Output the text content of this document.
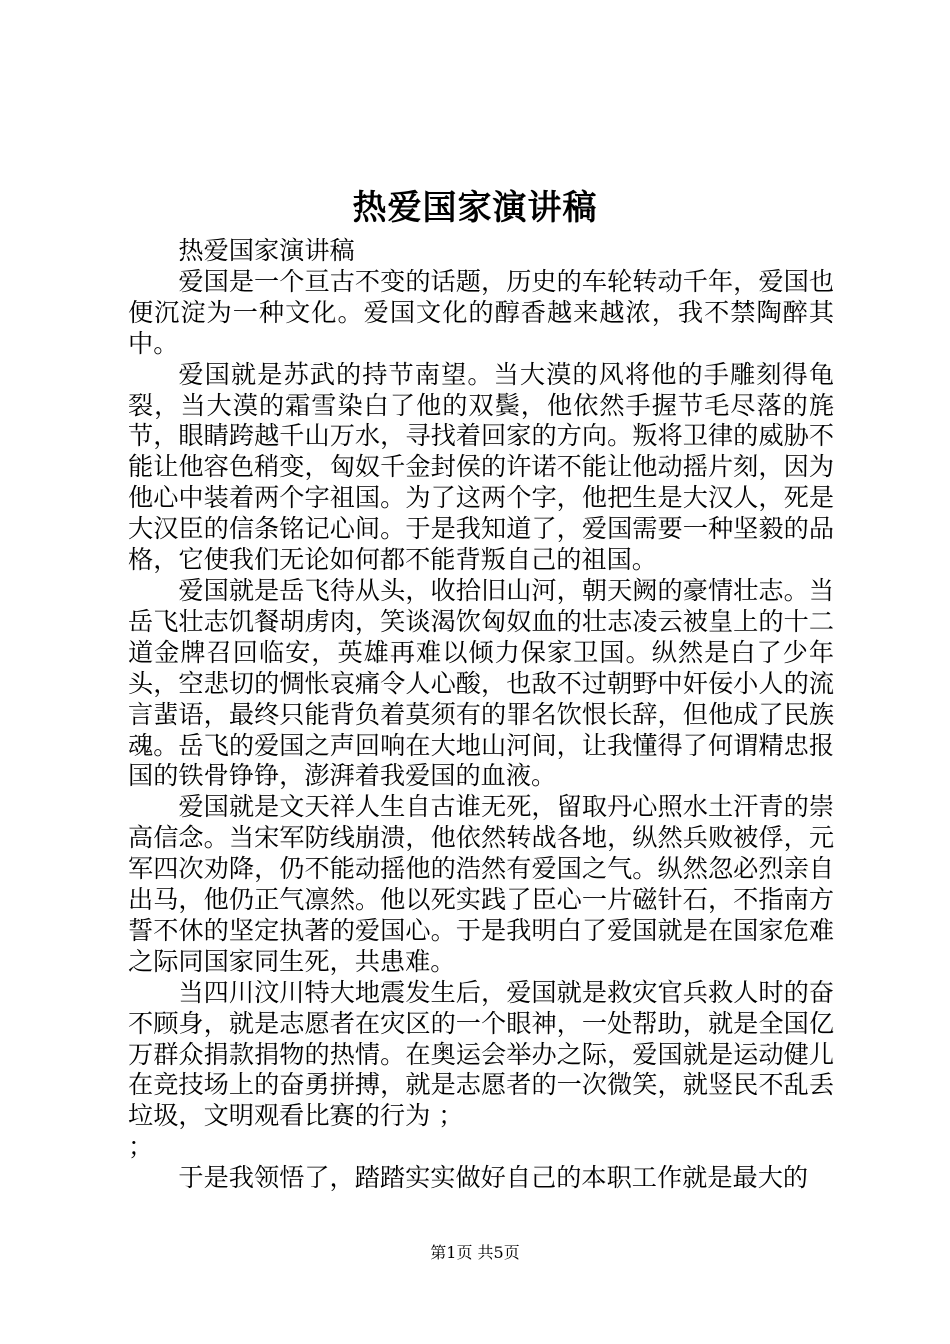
热爱国家演讲稿

热爱国家演讲稿

爱国是一个亘古不变的话题，历史的车轮转动千年，爱国也便沉淀为一种文化。爱国文化的醇香越来越浓，我不禁陶醉其中。

爱国就是苏武的持节南望。当大漠的风将他的手雕刻得龟裂，当大漠的霜雪染白了他的双鬓，他依然手握节毛尽落的旄节，眼睛跨越千山万水，寻找着回家的方向。叛将卫律的威胁不能让他容色稍变，匈奴千金封侯的许诺不能让他动摇片刻，因为他心中装着两个字祖国。为了这两个字，他把生是大汉人，死是大汉臣的信条铭记心间。于是我知道了，爱国需要一种坚毅的品格，它使我们无论如何都不能背叛自己的祖国。

爱国就是岳飞待从头，收拾旧山河，朝天阙的豪情壮志。当岳飞壮志饥餐胡虏肉，笑谈渴饮匈奴血的壮志凌云被皇上的十二道金牌召回临安，英雄再难以倾力保家卫国。纵然是白了少年头，空悲切的惆怅哀痛令人心酸，也敌不过朝野中奸佞小人的流言蜚语，最终只能背负着莫须有的罪名饮恨长辞，但他成了民族魂。岳飞的爱国之声回响在大地山河间，让我懂得了何谓精忠报国的铁骨铮铮，澎湃着我爱国的血液。

爱国就是文天祥人生自古谁无死，留取丹心照水土汗青的崇高信念。当宋军防线崩溃，他依然转战各地，纵然兵败被俘，元军四次劝降，仍不能动摇他的浩然有爱国之气。纵然忽必烈亲自出马，他仍正气凛然。他以死实践了臣心一片磁针石，不指南方誓不休的坚定执著的爱国心。于是我明白了爱国就是在国家危难之际同国家同生死，共患难。

当四川汶川特大地震发生后，爱国就是救灾官兵救人时的奋不顾身，就是志愿者在灾区的一个眼神，一处帮助，就是全国亿万群众捐款捐物的热情。在奥运会举办之际，爱国就是运动健儿在竞技场上的奋勇拼搏，就是志愿者的一次微笑，就竖民不乱丢垃圾，文明观看比赛的行为 ；

；

于是我领悟了，踏踏实实做好自己的本职工作就是最大的

第1页 共5页
